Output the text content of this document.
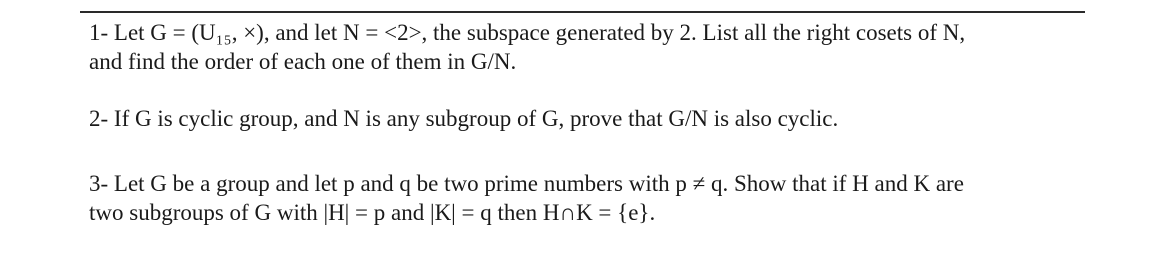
1- Let G = (U₁₅, ×), and let N = <2>, the subspace generated by 2. List all the right cosets of N,
and find the order of each one of them in G/N.

2- If G is cyclic group, and N is any subgroup of G, prove that G/N is also cyclic.

3- Let G be a group and let p and q be two prime numbers with p ≠ q. Show that if H and K are
two subgroups of G with |H| = p and |K| = q then H∩K = {e}.
